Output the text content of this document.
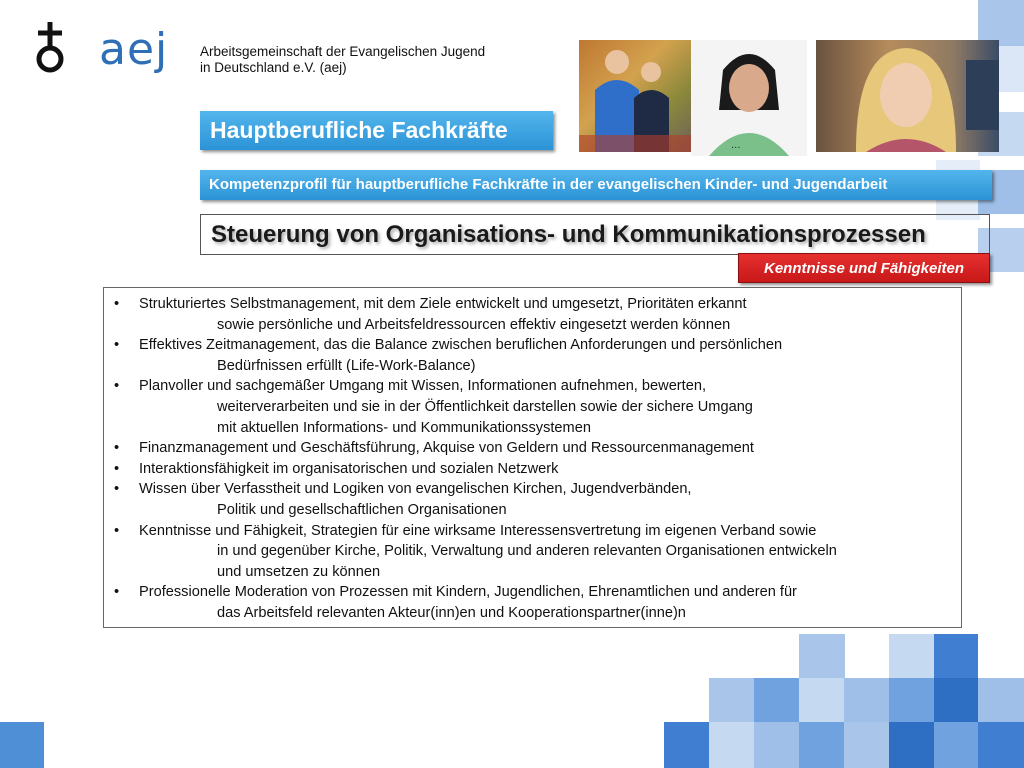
aej Arbeitsgemeinschaft der Evangelischen Jugend
in Deutschland e.V. (aej)
...
Hauptberufliche Fachkräfte
Kompetenzprofil für hauptberufliche Fachkräfte in der evangelischen Kinder- und Jugendarbeit
Steuerung von Organisations- und Kommunikationsprozessen
Kenntnisse und Fähigkeiten
• Strukturiertes Selbstmanagement, mit dem Ziele entwickelt und umgesetzt, Prioritäten erkannt
sowie persönliche und Arbeitsfeldressourcen effektiv eingesetzt werden können
• Effektives Zeitmanagement, das die Balance zwischen beruflichen Anforderungen und persönlichen
Bedürfnissen erfüllt (Life-Work-Balance)
• Planvoller und sachgemäßer Umgang mit Wissen, Informationen aufnehmen, bewerten,
weiterverarbeiten und sie in der Öffentlichkeit darstellen sowie der sichere Umgang
mit aktuellen Informations- und Kommunikationssystemen
• Finanzmanagement und Geschäftsführung, Akquise von Geldern und Ressourcenmanagement
• Interaktionsfähigkeit im organisatorischen und sozialen Netzwerk
• Wissen über Verfasstheit und Logiken von evangelischen Kirchen, Jugendverbänden,
Politik und gesellschaftlichen Organisationen
• Kenntnisse und Fähigkeit, Strategien für eine wirksame Interessensvertretung im eigenen Verband sowie
in und gegenüber Kirche, Politik, Verwaltung und anderen relevanten Organisationen entwickeln
und umsetzen zu können
• Professionelle Moderation von Prozessen mit Kindern, Jugendlichen, Ehrenamtlichen und anderen für
das Arbeitsfeld relevanten Akteur(inn)en und Kooperationspartner(inne)n
